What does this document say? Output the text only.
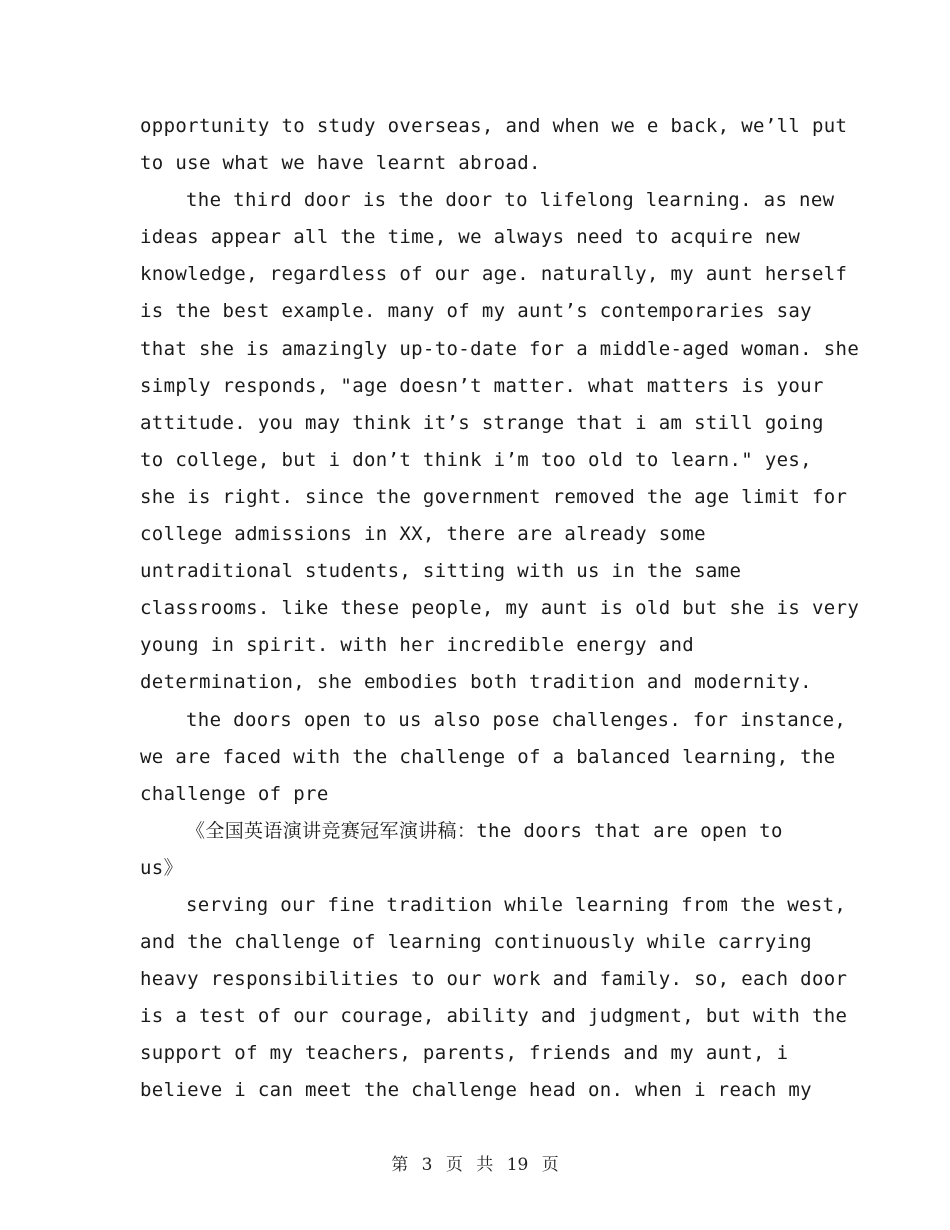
opportunity to study overseas, and when we e back, we’ll put
to use what we have learnt abroad.
the third door is the door to lifelong learning. as new
ideas appear all the time, we always need to acquire new
knowledge, regardless of our age. naturally, my aunt herself
is the best example. many of my aunt’s contemporaries say
that she is amazingly up-to-date for a middle-aged woman. she
simply responds, "age doesn’t matter. what matters is your
attitude. you may think it’s strange that i am still going
to college, but i don’t think i’m too old to learn." yes,
she is right. since the government removed the age limit for
college admissions in XX, there are already some
untraditional students, sitting with us in the same
classrooms. like these people, my aunt is old but she is very
young in spirit. with her incredible energy and
determination, she embodies both tradition and modernity.
the doors open to us also pose challenges. for instance,
we are faced with the challenge of a balanced learning, the
challenge of pre
《全国英语演讲竞赛冠军演讲稿：the doors that are open to
us》
serving our fine tradition while learning from the west,
and the challenge of learning continuously while carrying
heavy responsibilities to our work and family. so, each door
is a test of our courage, ability and judgment, but with the
support of my teachers, parents, friends and my aunt, i
believe i can meet the challenge head on. when i reach my
第 3 页 共 19 页
